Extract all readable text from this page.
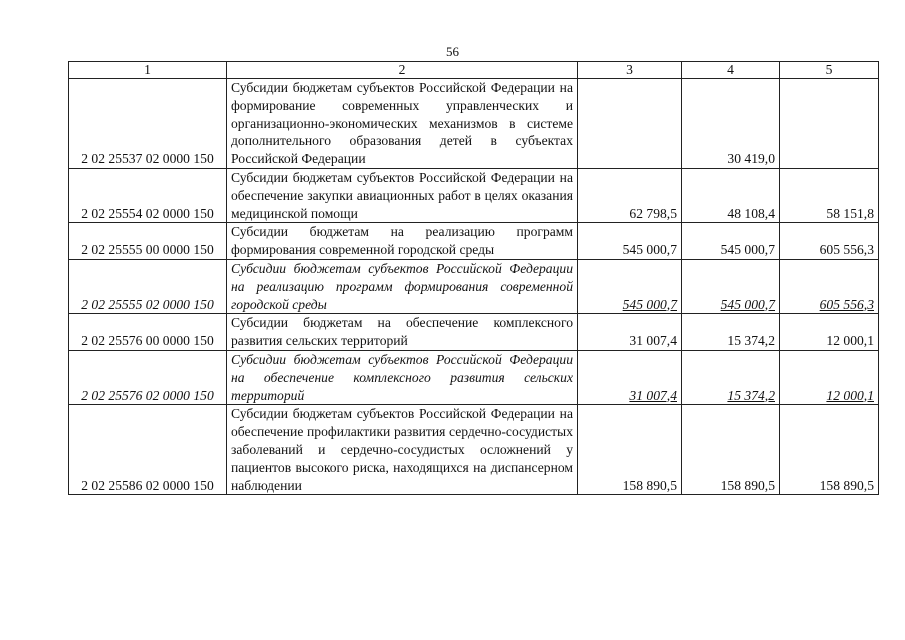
56
1	2	3	4	5
2 02 25537 02 0000 150	Субсидии бюджетам субъектов Российской Федерации на формирование современных управленческих и организационно-экономических механизмов в системе дополнительного образования детей в субъектах Российской Федерации		30 419,0	
2 02 25554 02 0000 150	Субсидии бюджетам субъектов Российской Федерации на обеспечение закупки авиационных работ в целях оказания медицинской помощи	62 798,5	48 108,4	58 151,8
2 02 25555 00 0000 150	Субсидии бюджетам на реализацию программ формирования современной городской среды	545 000,7	545 000,7	605 556,3
2 02 25555 02 0000 150	Субсидии бюджетам субъектов Российской Федерации на реализацию программ формирования современной городской среды	545 000,7	545 000,7	605 556,3
2 02 25576 00 0000 150	Субсидии бюджетам на обеспечение комплексного развития сельских территорий	31 007,4	15 374,2	12 000,1
2 02 25576 02 0000 150	Субсидии бюджетам субъектов Российской Федерации на обеспечение комплексного развития сельских территорий	31 007,4	15 374,2	12 000,1
2 02 25586 02 0000 150	Субсидии бюджетам субъектов Российской Федерации на обеспечение профилактики развития сердечно-сосудистых заболеваний и сердечно-сосудистых осложнений у пациентов высокого риска, находящихся на диспансерном наблюдении	158 890,5	158 890,5	158 890,5
